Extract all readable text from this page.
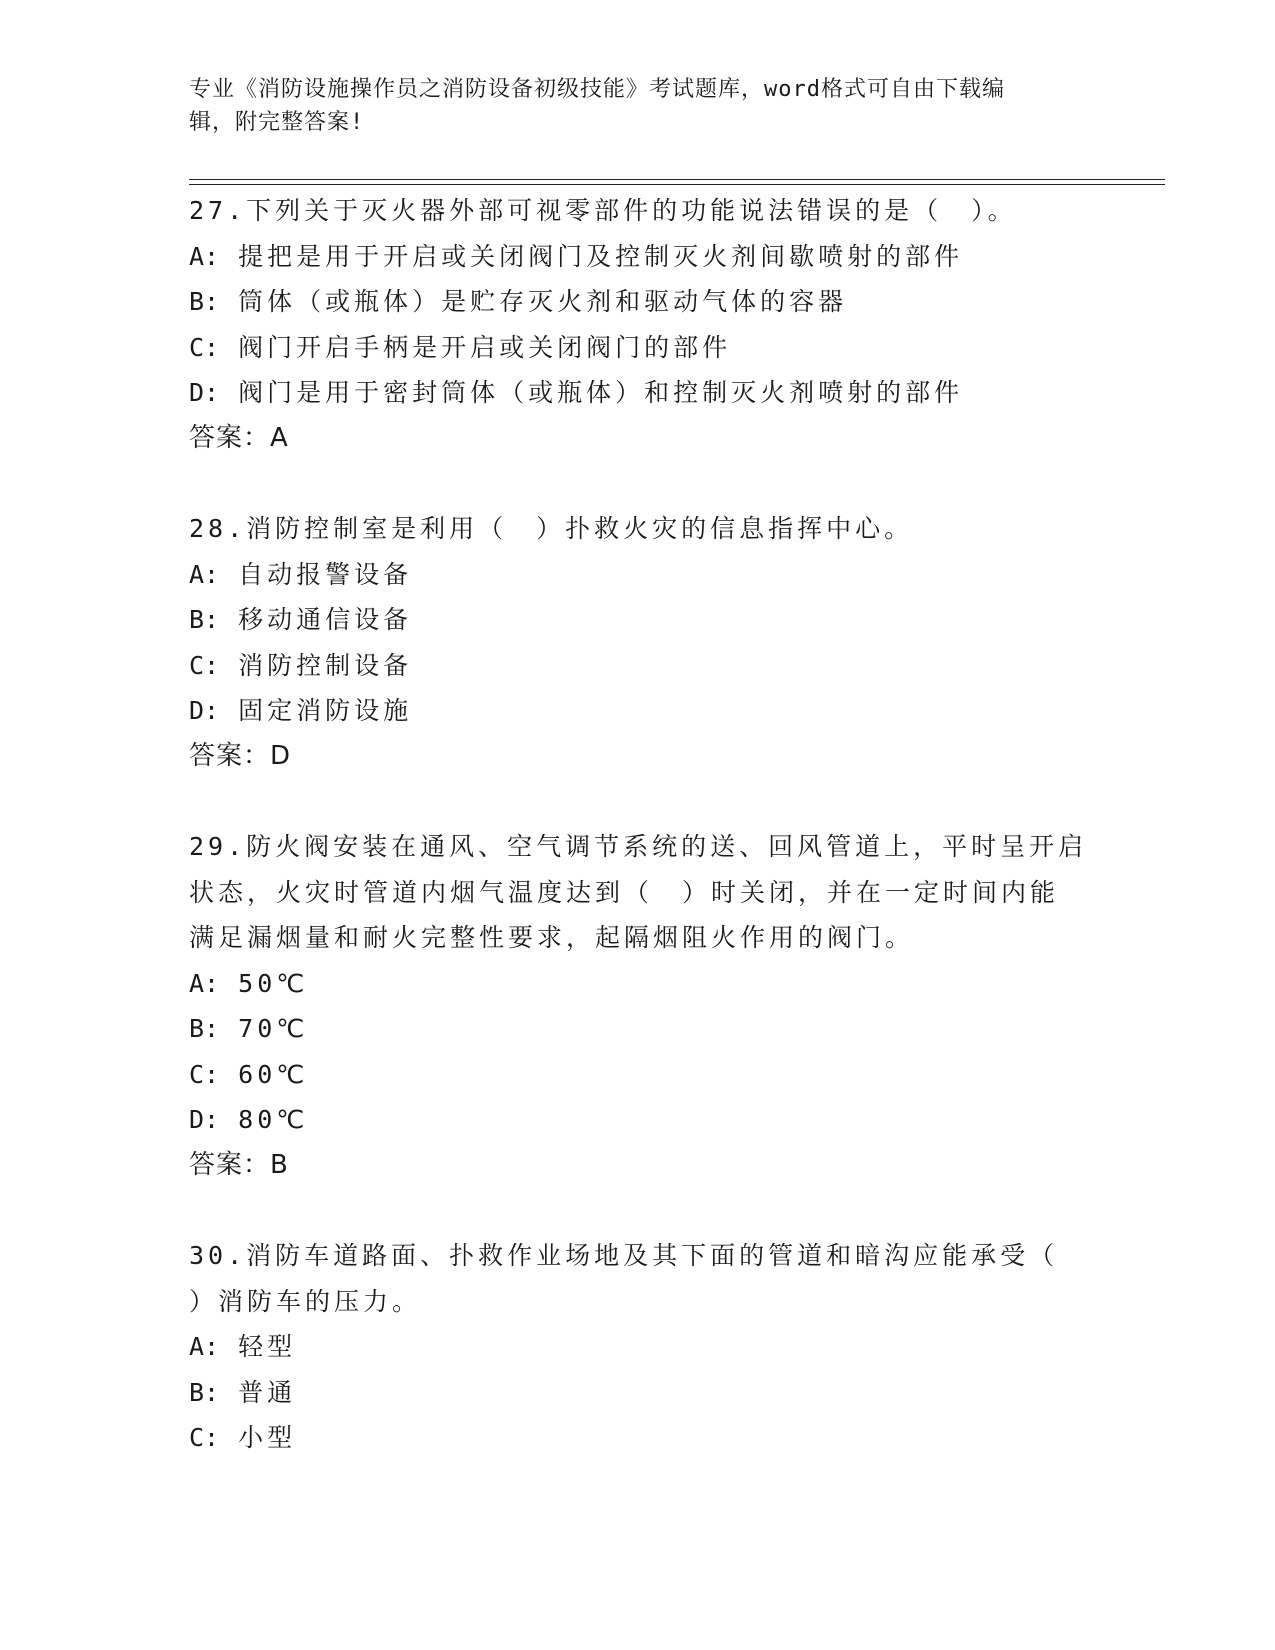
专业《消防设施操作员之消防设备初级技能》考试题库，word格式可自由下载编
辑，附完整答案!
27.下列关于灭火器外部可视零部件的功能说法错误的是（　）。
A: 提把是用于开启或关闭阀门及控制灭火剂间歇喷射的部件
B: 筒体（或瓶体）是贮存灭火剂和驱动气体的容器
C: 阀门开启手柄是开启或关闭阀门的部件
D: 阀门是用于密封筒体（或瓶体）和控制灭火剂喷射的部件
答案：A
28.消防控制室是利用（　）扑救火灾的信息指挥中心。
A: 自动报警设备
B: 移动通信设备
C: 消防控制设备
D: 固定消防设施
答案：D
29.防火阀安装在通风、空气调节系统的送、回风管道上，平时呈开启
状态，火灾时管道内烟气温度达到（　）时关闭，并在一定时间内能
满足漏烟量和耐火完整性要求，起隔烟阻火作用的阀门。
A: 50℃
B: 70℃
C: 60℃
D: 80℃
答案：B
30.消防车道路面、扑救作业场地及其下面的管道和暗沟应能承受（
）消防车的压力。
A: 轻型
B: 普通
C: 小型
